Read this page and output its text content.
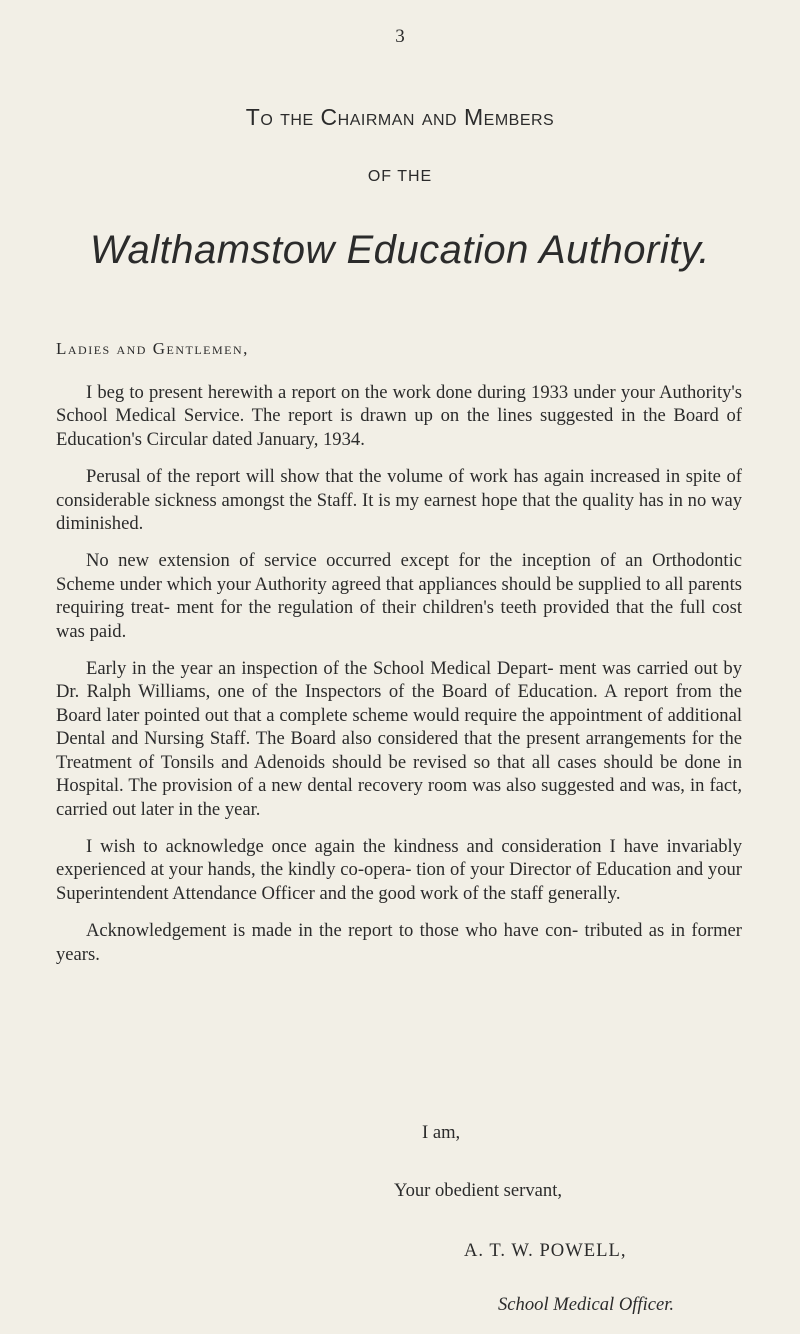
3
To the Chairman and Members
OF THE
Walthamstow Education Authority.
Ladies and Gentlemen,

I beg to present herewith a report on the work done during 1933 under your Authority's School Medical Service. The report is drawn up on the lines suggested in the Board of Education's Circular dated January, 1934.

Perusal of the report will show that the volume of work has again increased in spite of considerable sickness amongst the Staff. It is my earnest hope that the quality has in no way diminished.

No new extension of service occurred except for the inception of an Orthodontic Scheme under which your Authority agreed that appliances should be supplied to all parents requiring treat- ment for the regulation of their children's teeth provided that the full cost was paid.

Early in the year an inspection of the School Medical Depart- ment was carried out by Dr. Ralph Williams, one of the Inspectors of the Board of Education. A report from the Board later pointed out that a complete scheme would require the appointment of additional Dental and Nursing Staff. The Board also considered that the present arrangements for the Treatment of Tonsils and Adenoids should be revised so that all cases should be done in Hospital. The provision of a new dental recovery room was also suggested and was, in fact, carried out later in the year.

I wish to acknowledge once again the kindness and consideration I have invariably experienced at your hands, the kindly co-opera- tion of your Director of Education and your Superintendent Attendance Officer and the good work of the staff generally.

Acknowledgement is made in the report to those who have con- tributed as in former years.

I am,
Your obedient servant,
A. T. W. POWELL,
School Medical Officer.
